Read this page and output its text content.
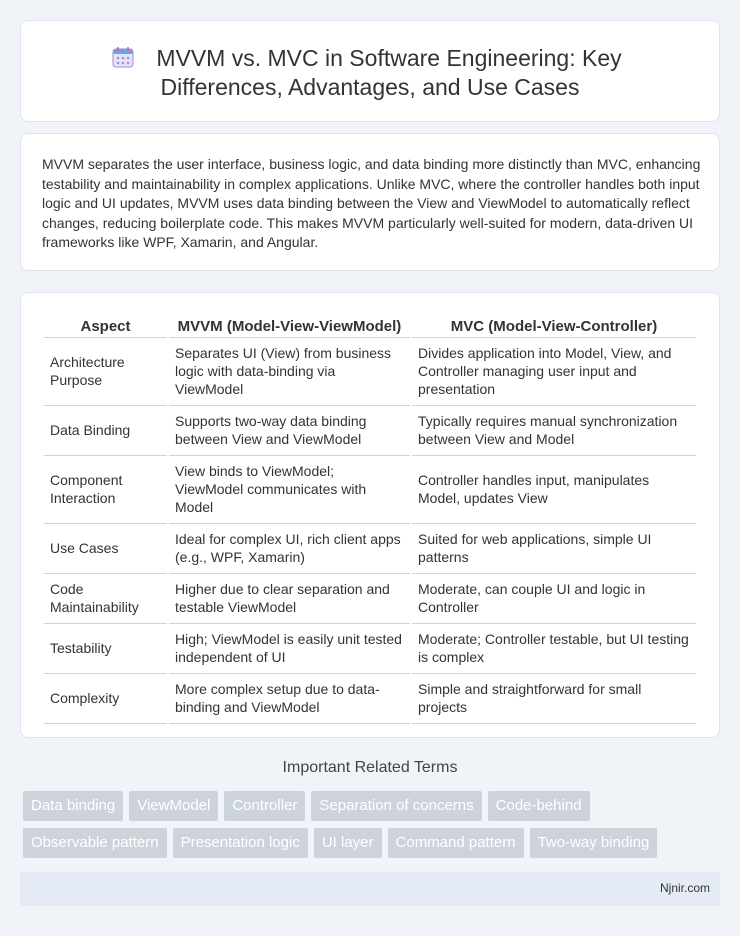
MVVM vs. MVC in Software Engineering: Key
Differences, Advantages, and Use Cases

MVVM separates the user interface, business logic, and data binding more distinctly than MVC, enhancing testability and maintainability in complex applications. Unlike MVC, where the controller handles both input logic and UI updates, MVVM uses data binding between the View and ViewModel to automatically reflect changes, reducing boilerplate code. This makes MVVM particularly well-suited for modern, data-driven UI frameworks like WPF, Xamarin, and Angular.

Aspect	MVVM (Model-View-ViewModel)	MVC (Model-View-Controller)
Architecture Purpose	Separates UI (View) from business logic with data-binding via ViewModel	Divides application into Model, View, and Controller managing user input and presentation
Data Binding	Supports two-way data binding between View and ViewModel	Typically requires manual synchronization between View and Model
Component Interaction	View binds to ViewModel; ViewModel communicates with Model	Controller handles input, manipulates Model, updates View
Use Cases	Ideal for complex UI, rich client apps (e.g., WPF, Xamarin)	Suited for web applications, simple UI patterns
Code Maintainability	Higher due to clear separation and testable ViewModel	Moderate, can couple UI and logic in Controller
Testability	High; ViewModel is easily unit tested independent of UI	Moderate; Controller testable, but UI testing is complex
Complexity	More complex setup due to data-binding and ViewModel	Simple and straightforward for small projects
Important Related Terms
Data binding	ViewModel	Controller	Separation of concerns	Code-behind
Observable pattern	Presentation logic	UI layer	Command pattern	Two-way binding
Njnir.com
